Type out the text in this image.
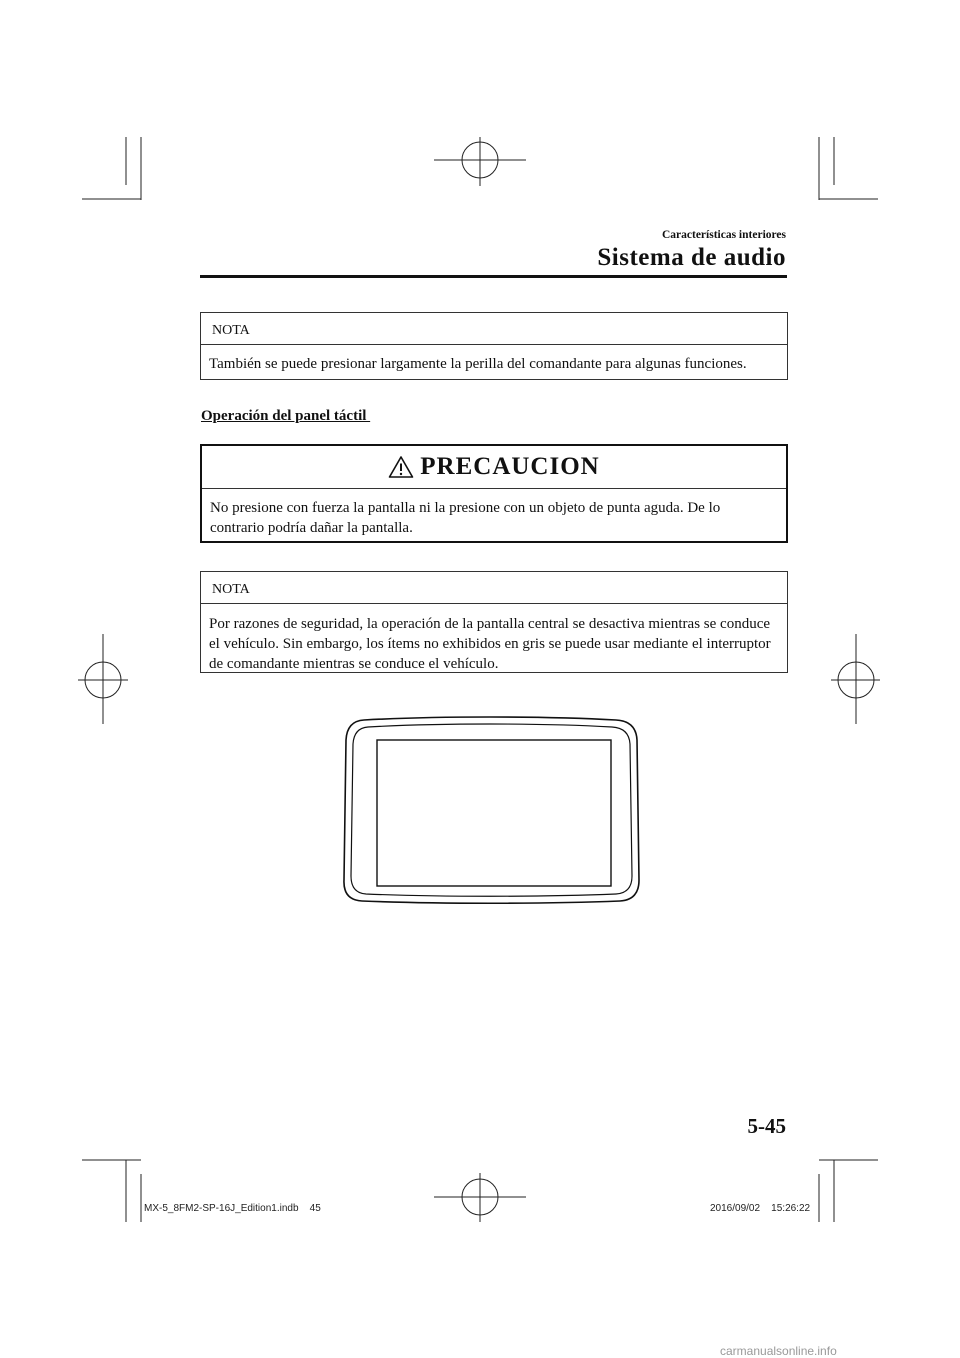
Características interiores
Sistema de audio
NOTA
También se puede presionar largamente la perilla del comandante para algunas funciones.
Operación del panel táctil
PRECAUCION
No presione con fuerza la pantalla ni la presione con un objeto de punta aguda. De lo contrario podría dañar la pantalla.
NOTA
Por razones de seguridad, la operación de la pantalla central se desactiva mientras se conduce el vehículo. Sin embargo, los ítems no exhibidos en gris se puede usar mediante el interruptor de comandante mientras se conduce el vehículo.
5-45
MX-5_8FM2-SP-16J_Edition1.indb    45	2016/09/02    15:26:22
carmanualsonline.info
